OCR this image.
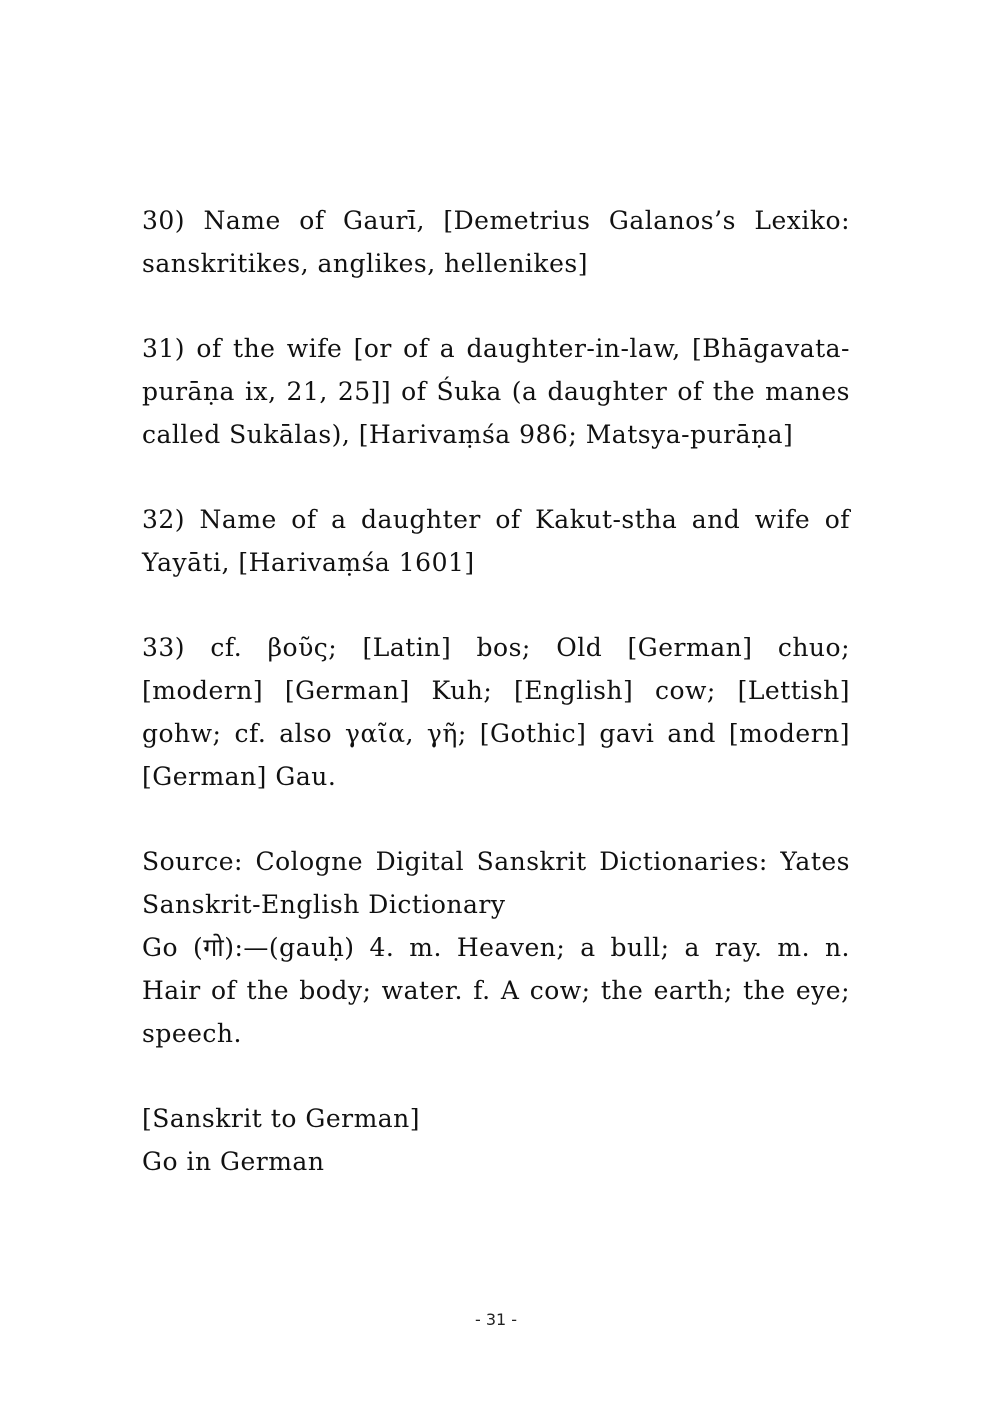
30) Name of Gaurī, [Demetrius Galanos’s Lexiko: sanskritikes, anglikes, hellenikes]

31) of the wife [or of a daughter-in-law, [Bhāgavata-purāṇa ix, 21, 25]] of Śuka (a daughter of the manes called Sukālas), [Harivaṃśa 986; Matsya-purāṇa]

32) Name of a daughter of Kakut-stha and wife of Yayāti, [Harivaṃśa 1601]

33) cf. βοῦς; [Latin] bos; Old [German] chuo; [modern] [German] Kuh; [English] cow; [Lettish] gohw; cf. also γαῖα, γῆ; [Gothic] gavi and [modern] [German] Gau.

Source: Cologne Digital Sanskrit Dictionaries: Yates Sanskrit-English Dictionary
Go (गो):—(gauḥ) 4. m. Heaven; a bull; a ray. m. n. Hair of the body; water. f. A cow; the earth; the eye; speech.
[Sanskrit to German]
Go in German
- 31 -
